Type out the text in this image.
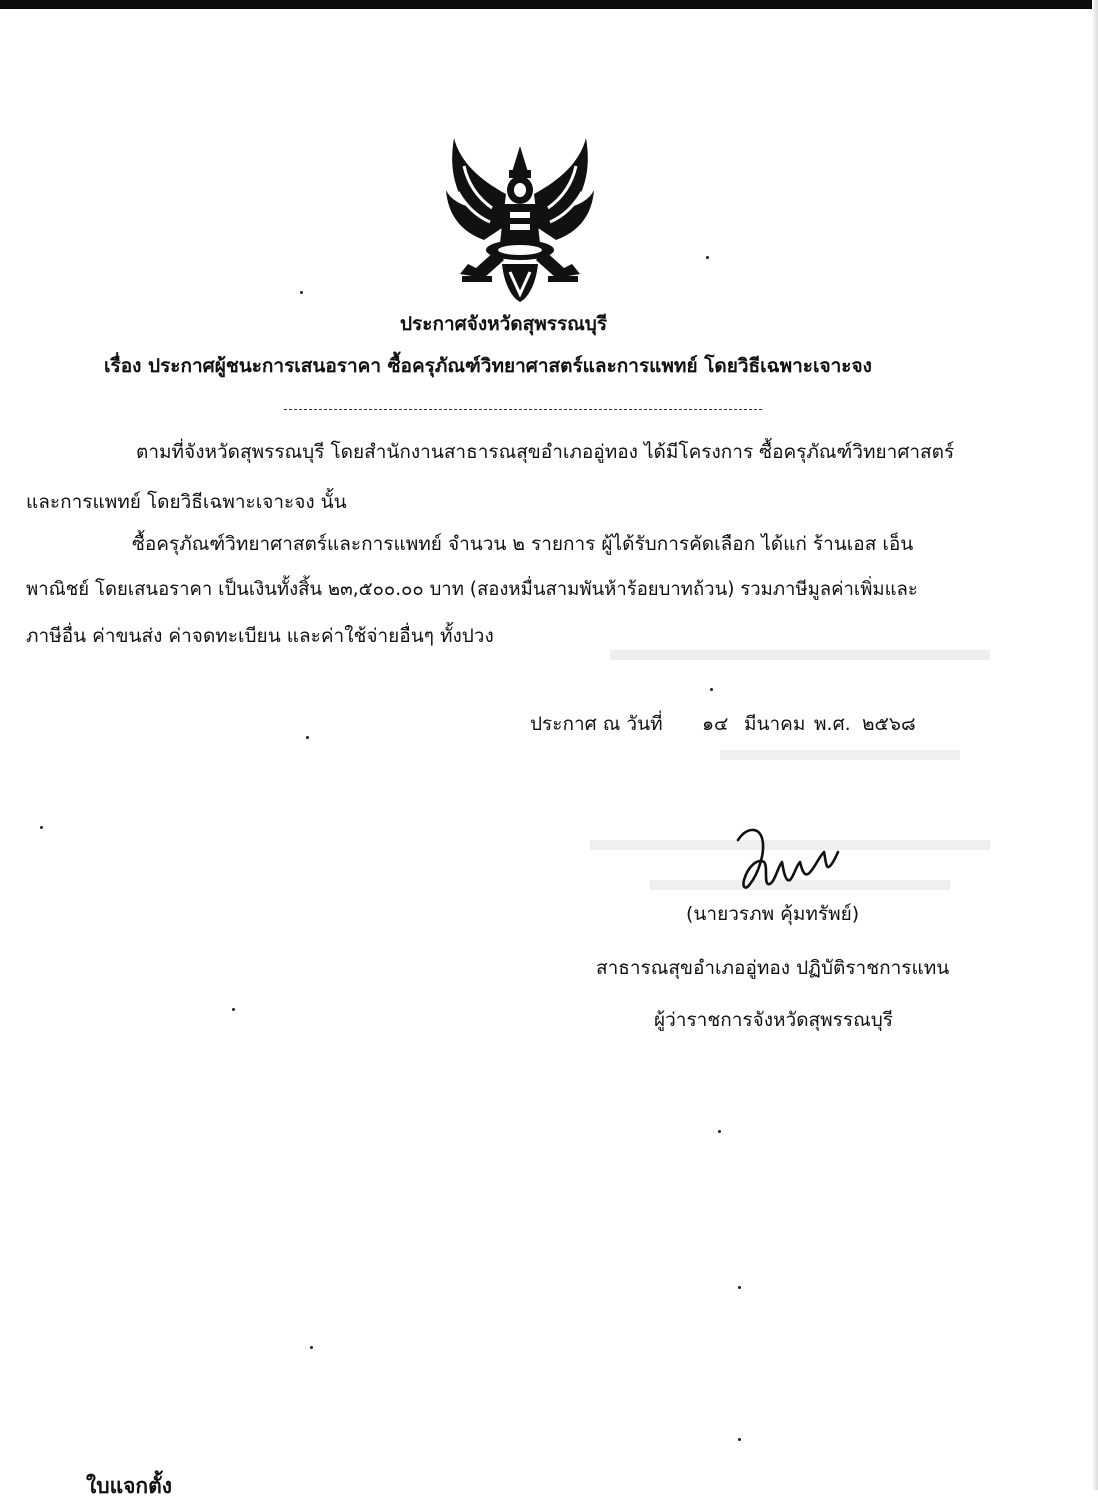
ประกาศจังหวัดสุพรรณบุรี
เรื่อง ประกาศผู้ชนะการเสนอราคา ซื้อครุภัณฑ์วิทยาศาสตร์และการแพทย์ โดยวิธีเฉพาะเจาะจง
ตามที่จังหวัดสุพรรณบุรี โดยสำนักงานสาธารณสุขอำเภออู่ทอง ได้มีโครงการ ซื้อครุภัณฑ์วิทยาศาสตร์
และการแพทย์ โดยวิธีเฉพาะเจาะจง นั้น
ซื้อครุภัณฑ์วิทยาศาสตร์และการแพทย์ จำนวน ๒ รายการ ผู้ได้รับการคัดเลือก ได้แก่ ร้านเอส เอ็น
พาณิชย์ โดยเสนอราคา เป็นเงินทั้งสิ้น ๒๓,๕๐๐.๐๐ บาท (สองหมื่นสามพันห้าร้อยบาทถ้วน) รวมภาษีมูลค่าเพิ่มและ
ภาษีอื่น ค่าขนส่ง ค่าจดทะเบียน และค่าใช้จ่ายอื่นๆ ทั้งปวง
ประกาศ ณ วันที่ ๑๔ มีนาคม พ.ศ. ๒๕๖๘
(นายวรภพ คุ้มทรัพย์)
สาธารณสุขอำเภออู่ทอง ปฏิบัติราชการแทน
ผู้ว่าราชการจังหวัดสุพรรณบุรี
ใบแจกตั้ง
